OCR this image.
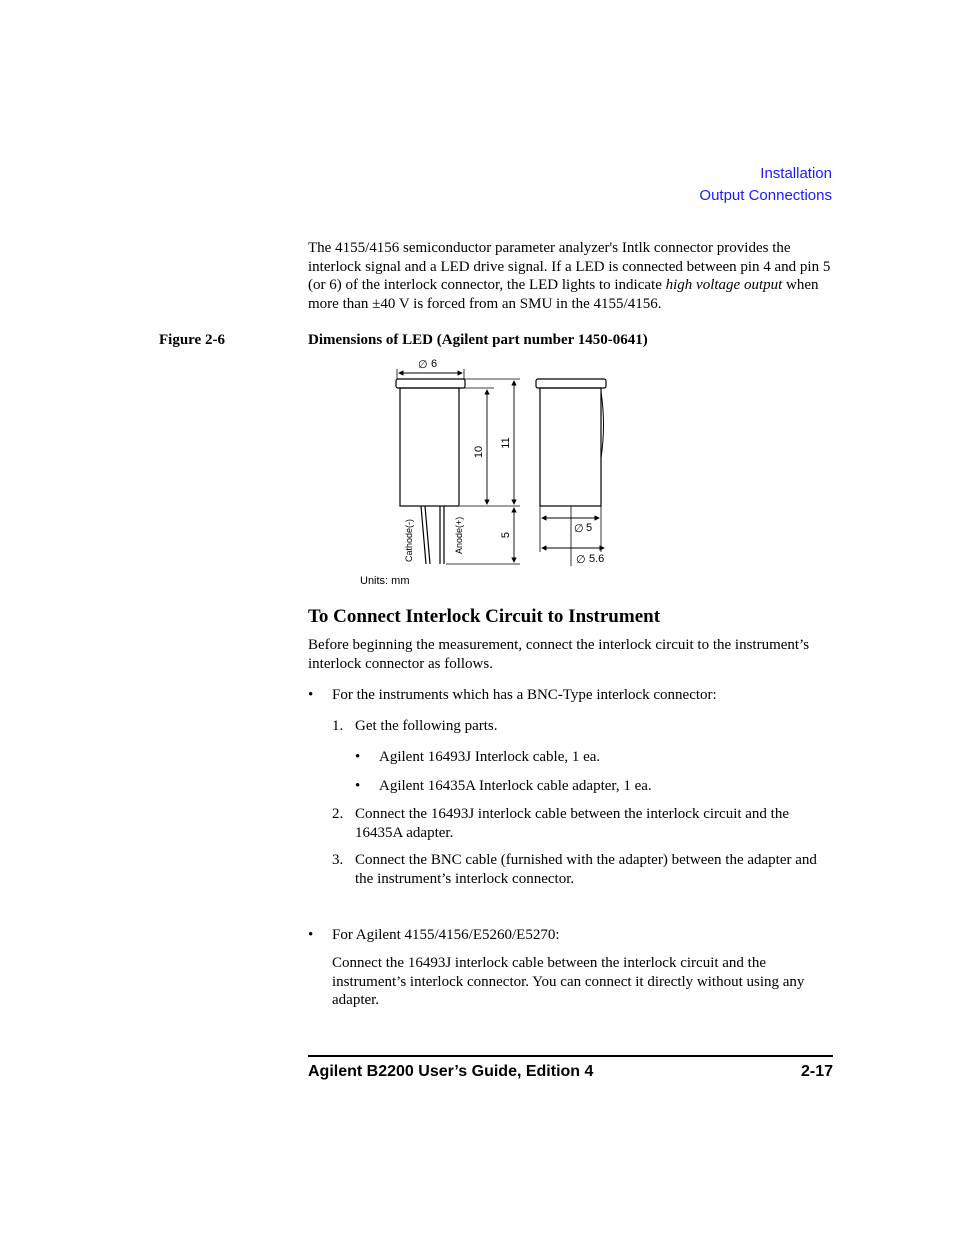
Installation
Output Connections
The 4155/4156 semiconductor parameter analyzer's Intlk connector provides the interlock signal and a LED drive signal. If a LED is connected between pin 4 and pin 5 (or 6) of the interlock connector, the LED lights to indicate high voltage output when more than ±40 V is forced from an SMU in the 4155/4156.
Figure 2-6	Dimensions of LED (Agilent part number 1450-0641)
∅ 6
10
11
5
Cathode(-)	Anode(+)	∅ 5
∅ 5.6
Units: mm
To Connect Interlock Circuit to Instrument
Before beginning the measurement, connect the interlock circuit to the instrument’s interlock connector as follows.
• For the instruments which has a BNC-Type interlock connector:
1. Get the following parts.
• Agilent 16493J Interlock cable, 1 ea.
• Agilent 16435A Interlock cable adapter, 1 ea.
2. Connect the 16493J interlock cable between the interlock circuit and the 16435A adapter.
3. Connect the BNC cable (furnished with the adapter) between the adapter and the instrument’s interlock connector.
• For Agilent 4155/4156/E5260/E5270:
Connect the 16493J interlock cable between the interlock circuit and the instrument’s interlock connector. You can connect it directly without using any adapter.
Agilent B2200 User’s Guide, Edition 4	2-17
